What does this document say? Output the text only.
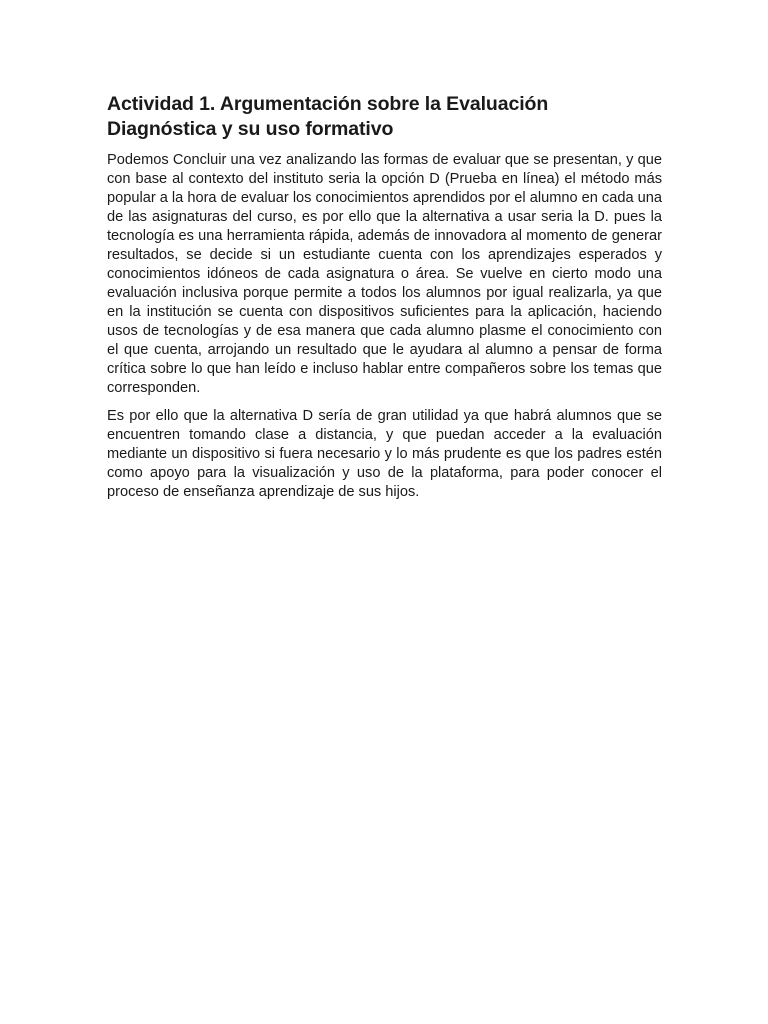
Actividad 1. Argumentación sobre la Evaluación Diagnóstica y su uso formativo

Podemos Concluir una vez analizando las formas de evaluar que se presentan, y que con base al contexto del instituto seria la opción D (Prueba en línea) el método más popular a la hora de evaluar los conocimientos aprendidos por el alumno en cada una de las asignaturas del curso, es por ello que la alternativa a usar seria la D. pues la tecnología es una herramienta rápida, además de innovadora al momento de generar resultados, se decide si un estudiante cuenta con los aprendizajes esperados y conocimientos idóneos de cada asignatura o área. Se vuelve en cierto modo una evaluación inclusiva porque permite a todos los alumnos por igual realizarla, ya que en la institución se cuenta con dispositivos suficientes para la aplicación, haciendo usos de tecnologías y de esa manera que cada alumno plasme el conocimiento con el que cuenta, arrojando un resultado que le ayudara al alumno a pensar de forma crítica sobre lo que han leído e incluso hablar entre compañeros sobre los temas que corresponden.

Es por ello que la alternativa D sería de gran utilidad ya que habrá alumnos que se encuentren tomando clase a distancia, y que puedan acceder a la evaluación mediante un dispositivo si fuera necesario y lo más prudente es que los padres estén como apoyo para la visualización y uso de la plataforma, para poder conocer el proceso de enseñanza aprendizaje de sus hijos.
